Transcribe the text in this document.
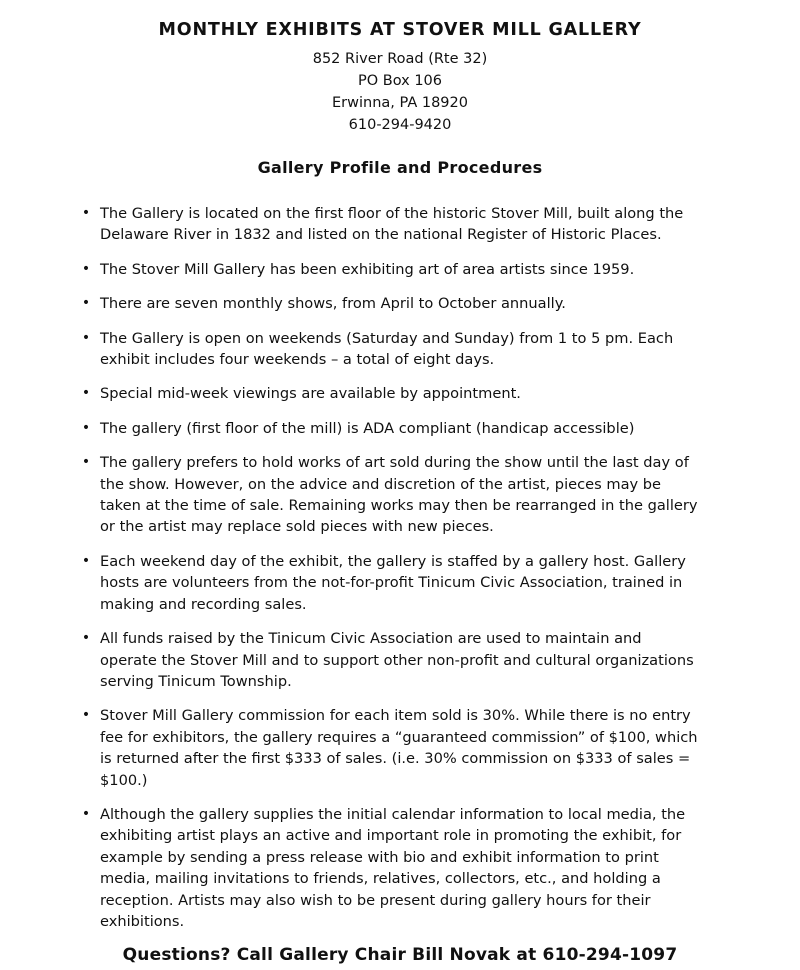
MONTHLY EXHIBITS AT STOVER MILL GALLERY
852 River Road (Rte 32)
PO Box 106
Erwinna, PA 18920
610-294-9420
Gallery Profile and Procedures
•
The Gallery is located on the first floor of the historic Stover Mill, built along the Delaware River in 1832 and listed on the national Register of Historic Places.
•
The Stover Mill Gallery has been exhibiting art of area artists since 1959.
•
There are seven monthly shows, from April to October annually.
•
The Gallery is open on weekends (Saturday and Sunday) from 1 to 5 pm. Each exhibit includes four weekends – a total of eight days.
•
Special mid-week viewings are available by appointment.
•
The gallery (first floor of the mill) is ADA compliant (handicap accessible)
•
The gallery prefers to hold works of art sold during the show until the last day of the show. However, on the advice and discretion of the artist, pieces may be taken at the time of sale. Remaining works may then be rearranged in the gallery or the artist may replace sold pieces with new pieces.
•
Each weekend day of the exhibit, the gallery is staffed by a gallery host. Gallery hosts are volunteers from the not-for-profit Tinicum Civic Association, trained in making and recording sales.
•
All funds raised by the Tinicum Civic Association are used to maintain and operate the Stover Mill and to support other non-profit and cultural organizations serving Tinicum Township.
•
Stover Mill Gallery commission for each item sold is 30%. While there is no entry fee for exhibitors, the gallery requires a “guaranteed commission” of $100, which is returned after the first $333 of sales. (i.e. 30% commission on $333 of sales = $100.)
•
Although the gallery supplies the initial calendar information to local media, the exhibiting artist plays an active and important role in promoting the exhibit, for example by sending a press release with bio and exhibit information to print media, mailing invitations to friends, relatives, collectors, etc., and holding a reception. Artists may also wish to be present during gallery hours for their exhibitions.
Questions? Call Gallery Chair Bill Novak at 610-294-1097
